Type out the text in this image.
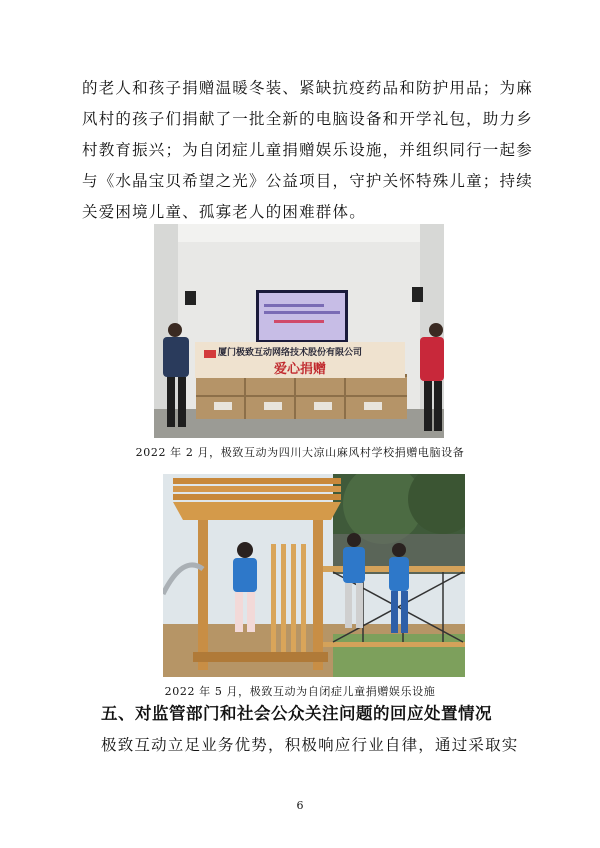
的老人和孩子捐赠温暖冬装、紧缺抗疫药品和防护用品；为麻
风村的孩子们捐献了一批全新的电脑设备和开学礼包，助力乡
村教育振兴；为自闭症儿童捐赠娱乐设施，并组织同行一起参
与《水晶宝贝希望之光》公益项目，守护关怀特殊儿童；持续
关爱困境儿童、孤寡老人的困难群体。
厦门极致互动网络技术股份有限公司
爱心捐赠
2022 年 2 月，极致互动为四川大凉山麻风村学校捐赠电脑设备
2022 年 5 月，极致互动为自闭症儿童捐赠娱乐设施
五、对监管部门和社会公众关注问题的回应处置情况
极致互动立足业务优势，积极响应行业自律，通过采取实
6
